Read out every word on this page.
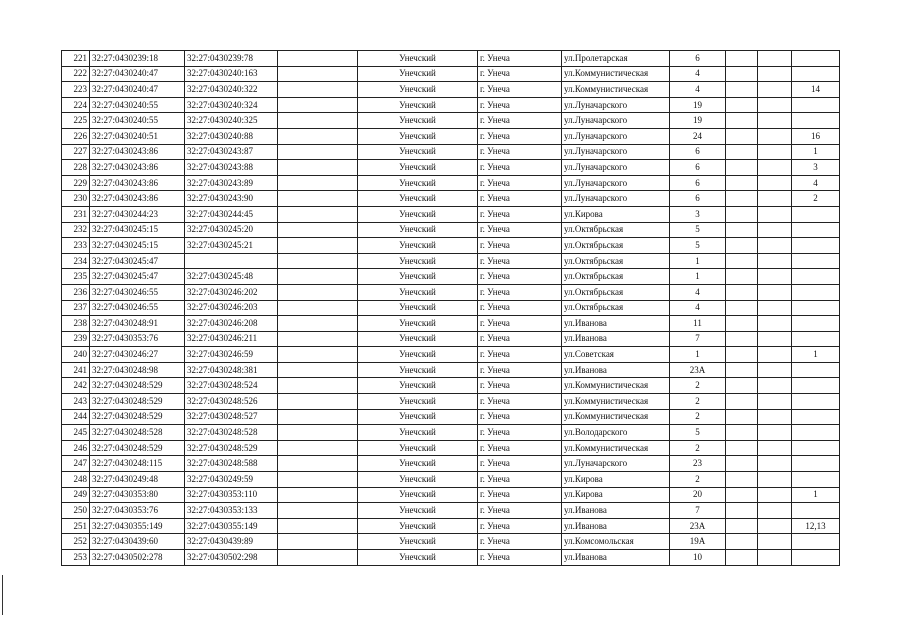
221	32:27:0430239:18	32:27:0430239:78		Унечский	г. Унеча	ул.Пролетарская	6			
222	32:27:0430240:47	32:27:0430240:163		Унечский	г. Унеча	ул.Коммунистическая	4			
223	32:27:0430240:47	32:27:0430240:322		Унечский	г. Унеча	ул.Коммунистическая	4			14
224	32:27:0430240:55	32:27:0430240:324		Унечский	г. Унеча	ул.Луначарского	19			
225	32:27:0430240:55	32:27:0430240:325		Унечский	г. Унеча	ул.Луначарского	19			
226	32:27:0430240:51	32:27:0430240:88		Унечский	г. Унеча	ул.Луначарского	24			16
227	32:27:0430243:86	32:27:0430243:87		Унечский	г. Унеча	ул.Луначарского	6			1
228	32:27:0430243:86	32:27:0430243:88		Унечский	г. Унеча	ул.Луначарского	6			3
229	32:27:0430243:86	32:27:0430243:89		Унечский	г. Унеча	ул.Луначарского	6			4
230	32:27:0430243:86	32:27:0430243:90		Унечский	г. Унеча	ул.Луначарского	6			2
231	32:27:0430244:23	32:27:0430244:45		Унечский	г. Унеча	ул.Кирова	3			
232	32:27:0430245:15	32:27:0430245:20		Унечский	г. Унеча	ул.Октябрьская	5			
233	32:27:0430245:15	32:27:0430245:21		Унечский	г. Унеча	ул.Октябрьская	5			
234	32:27:0430245:47			Унечский	г. Унеча	ул.Октябрьская	1			
235	32:27:0430245:47	32:27:0430245:48		Унечский	г. Унеча	ул.Октябрьская	1			
236	32:27:0430246:55	32:27:0430246:202		Унечский	г. Унеча	ул.Октябрьская	4			
237	32:27:0430246:55	32:27:0430246:203		Унечский	г. Унеча	ул.Октябрьская	4			
238	32:27:0430248:91	32:27:0430246:208		Унечский	г. Унеча	ул.Иванова	11			
239	32:27:0430353:76	32:27:0430246:211		Унечский	г. Унеча	ул.Иванова	7			
240	32:27:0430246:27	32:27:0430246:59		Унечский	г. Унеча	ул.Советская	1			1
241	32:27:0430248:98	32:27:0430248:381		Унечский	г. Унеча	ул.Иванова	23А			
242	32:27:0430248:529	32:27:0430248:524		Унечский	г. Унеча	ул.Коммунистическая	2			
243	32:27:0430248:529	32:27:0430248:526		Унечский	г. Унеча	ул.Коммунистическая	2			
244	32:27:0430248:529	32:27:0430248:527		Унечский	г. Унеча	ул.Коммунистическая	2			
245	32:27:0430248:528	32:27:0430248:528		Унечский	г. Унеча	ул.Володарского	5			
246	32:27:0430248:529	32:27:0430248:529		Унечский	г. Унеча	ул.Коммунистическая	2			
247	32:27:0430248:115	32:27:0430248:588		Унечский	г. Унеча	ул.Луначарского	23			
248	32:27:0430249:48	32:27:0430249:59		Унечский	г. Унеча	ул.Кирова	2			
249	32:27:0430353:80	32:27:0430353:110		Унечский	г. Унеча	ул.Кирова	20			1
250	32:27:0430353:76	32:27:0430353:133		Унечский	г. Унеча	ул.Иванова	7			
251	32:27:0430355:149	32:27:0430355:149		Унечский	г. Унеча	ул.Иванова	23А			12,13
252	32:27:0430439:60	32:27:0430439:89		Унечский	г. Унеча	ул.Комсомольская	19А			
253	32:27:0430502:278	32:27:0430502:298		Унечский	г. Унеча	ул.Иванова	10			
